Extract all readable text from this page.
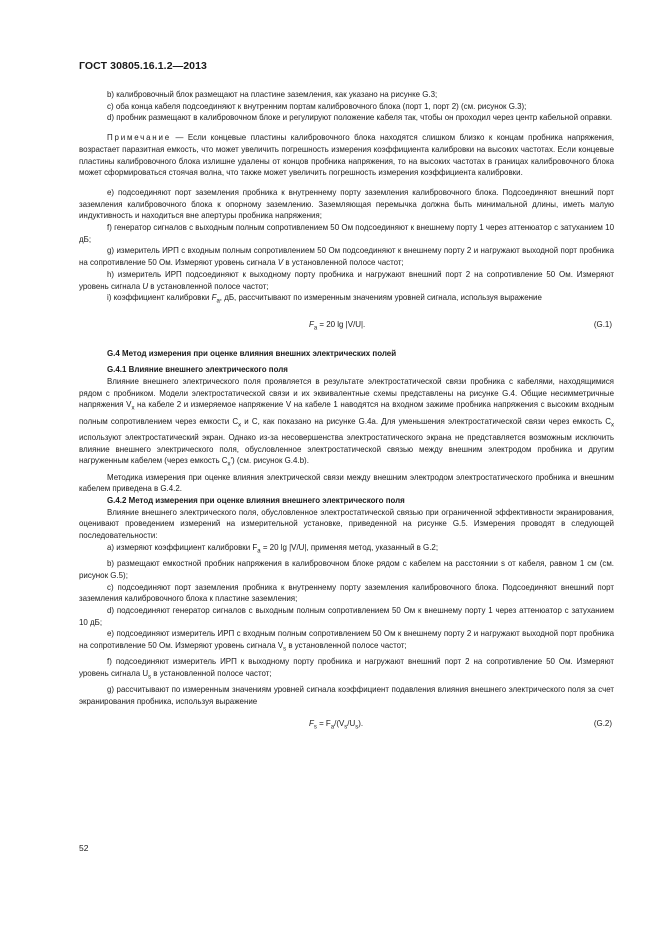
ГОСТ 30805.16.1.2—2013

b) калибровочный блок размещают на пластине заземления, как указано на рисунке G.3;

c) оба конца кабеля подсоединяют к внутренним портам калибровочного блока (порт 1, порт 2) (см. рисунок G.3);

d) пробник размещают в калибровочном блоке и регулируют положение кабеля так, чтобы он проходил через центр кабельной оправки.

Примечание — Если концевые пластины калибровочного блока находятся слишком близко к концам пробника напряжения, возрастает паразитная емкость, что может увеличить погрешность измерения коэффициента калибровки на высоких частотах. Если концевые пластины калибровочного блока излишне удалены от концов пробника напряжения, то на высоких частотах в границах калибровочного блока может сформироваться стоячая волна, что также может увеличить погрешность измерения коэффициента калибровки.

e) подсоединяют порт заземления пробника к внутреннему порту заземления калибровочного блока. Подсоединяют внешний порт заземления калибровочного блока к опорному заземлению. Заземляющая перемычка должна быть минимальной длины, иметь малую индуктивность и находиться вне апертуры пробника напряжения;

f) генератор сигналов с выходным полным сопротивлением 50 Ом подсоединяют к внешнему порту 1 через аттенюатор с затуханием 10 дБ;

g) измеритель ИРП с входным полным сопротивлением 50 Ом подсоединяют к внешнему порту 2 и нагружают выходной порт пробника на сопротивление 50 Ом. Измеряют уровень сигнала V в установленной полосе частот;

h) измеритель ИРП подсоединяют к выходному порту пробника и нагружают внешний порт 2 на сопротивление 50 Ом. Измеряют уровень сигнала U в установленной полосе частот;

i) коэффициент калибровки $F_a$, дБ, рассчитывают по измеренным значениям уровней сигнала, используя выражение

$F_a = 20$ lg |V/U|.	(G.1)
G.4 Метод измерения при оценке влияния внешних электрических полей
G.4.1 Влияние внешнего электрического поля

Влияние внешнего электрического поля проявляется в результате электростатической связи пробника с кабелями, находящимися рядом с пробником. Модели электростатической связи и их эквивалентные схемы представлены на рисунке G.4. Общие несимметричные напряжения $V_x$ на кабеле 2 и измеряемое напряжение V на кабеле 1 наводятся на входном зажиме пробника напряжения с высоким входным полным сопротивлением через емкости $C_x$ и C, как показано на рисунке G.4a. Для уменьшения электростатической связи через емкость $C_x$ используют электростатический экран. Однако из-за несовершенства электростатического экрана не представляется возможным исключить влияние внешнего электрического поля, обусловленное электростатической связью между внешним электродом пробника и другим нагруженным кабелем (через емкость $C_x'$) (см. рисунок G.4.b).

Методика измерения при оценке влияния электрической связи между внешним электродом электростатического пробника и внешним кабелем приведена в G.4.2.

G.4.2 Метод измерения при оценке влияния внешнего электрического поля

Влияние внешнего электрического поля, обусловленное электростатической связью при ограниченной эффективности экранирования, оценивают проведением измерений на измерительной установке, приведенной на рисунке G.5. Измерения проводят в следующей последовательности:

a) измеряют коэффициент калибровки $F_a = 20$ lg |V/U|, применяя метод, указанный в G.2;

b) размещают емкостной пробник напряжения в калибровочном блоке рядом с кабелем на расстоянии s от кабеля, равном 1 см (см. рисунок G.5);

c) подсоединяют порт заземления пробника к внутреннему порту заземления калибровочного блока. Подсоединяют внешний порт заземления калибровочного блока к пластине заземления;

d) подсоединяют генератор сигналов с выходным полным сопротивлением 50 Ом к внешнему порту 1 через аттенюатор с затуханием 10 дБ;

e) подсоединяют измеритель ИРП с входным полным сопротивлением 50 Ом к внешнему порту 2 и нагружают выходной порт пробника на сопротивление 50 Ом. Измеряют уровень сигнала $V_s$ в установленной полосе частот;

f) подсоединяют измеритель ИРП к выходному порту пробника и нагружают внешний порт 2 на сопротивление 50 Ом. Измеряют уровень сигнала $U_s$ в установленной полосе частот;

g) рассчитывают по измеренным значениям уровней сигнала коэффициент подавления влияния внешнего электрического поля за счет экранирования пробника, используя выражение

$F_s = F_a/(V_s/U_s)$.	(G.2)
52
